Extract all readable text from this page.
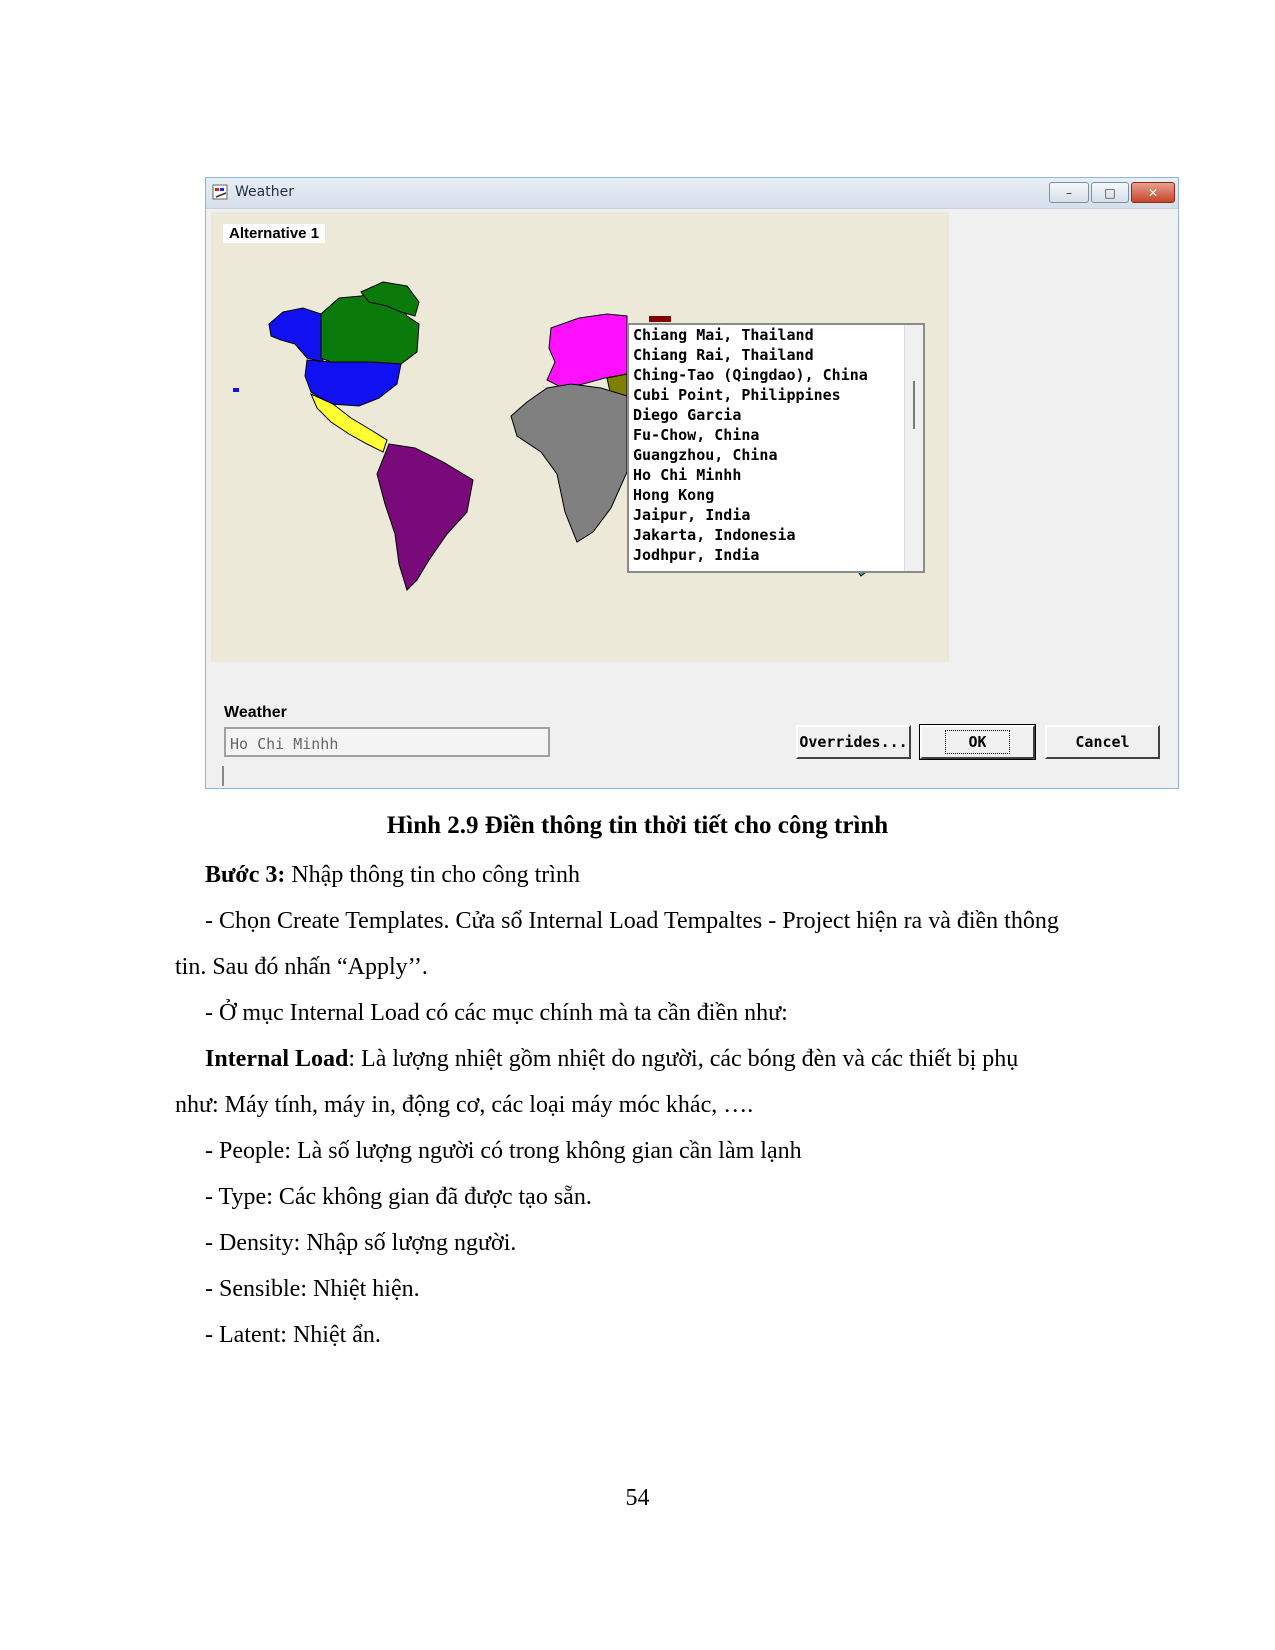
Weather	–	□	✕
Alternative 1
Chiang Mai, Thailand
Chiang Rai, Thailand
Ching-Tao (Qingdao), China
Cubi Point, Philippines
Diego Garcia
Fu-Chow, China
Guangzhou, China
Ho Chi Minhh
Hong Kong
Jaipur, India
Jakarta, Indonesia
Jodhpur, India
Weather
Ho Chi Minhh
Overrides...	OK	Cancel
Hình 2.9 Điền thông tin thời tiết cho công trình
Bước 3: Nhập thông tin cho công trình
- Chọn Create Templates. Cửa sổ Internal Load Tempaltes - Project hiện ra và điền thông
tin. Sau đó nhấn “Apply’’.
- Ở mục Internal Load có các mục chính mà ta cần điền như:
Internal Load: Là lượng nhiệt gồm nhiệt do người, các bóng đèn và các thiết bị phụ
như: Máy tính, máy in, động cơ, các loại máy móc khác, ….
- People: Là số lượng người có trong không gian cần làm lạnh
- Type: Các không gian đã được tạo sẵn.
- Density: Nhập số lượng người.
- Sensible: Nhiệt hiện.
- Latent: Nhiệt ẩn.
54
